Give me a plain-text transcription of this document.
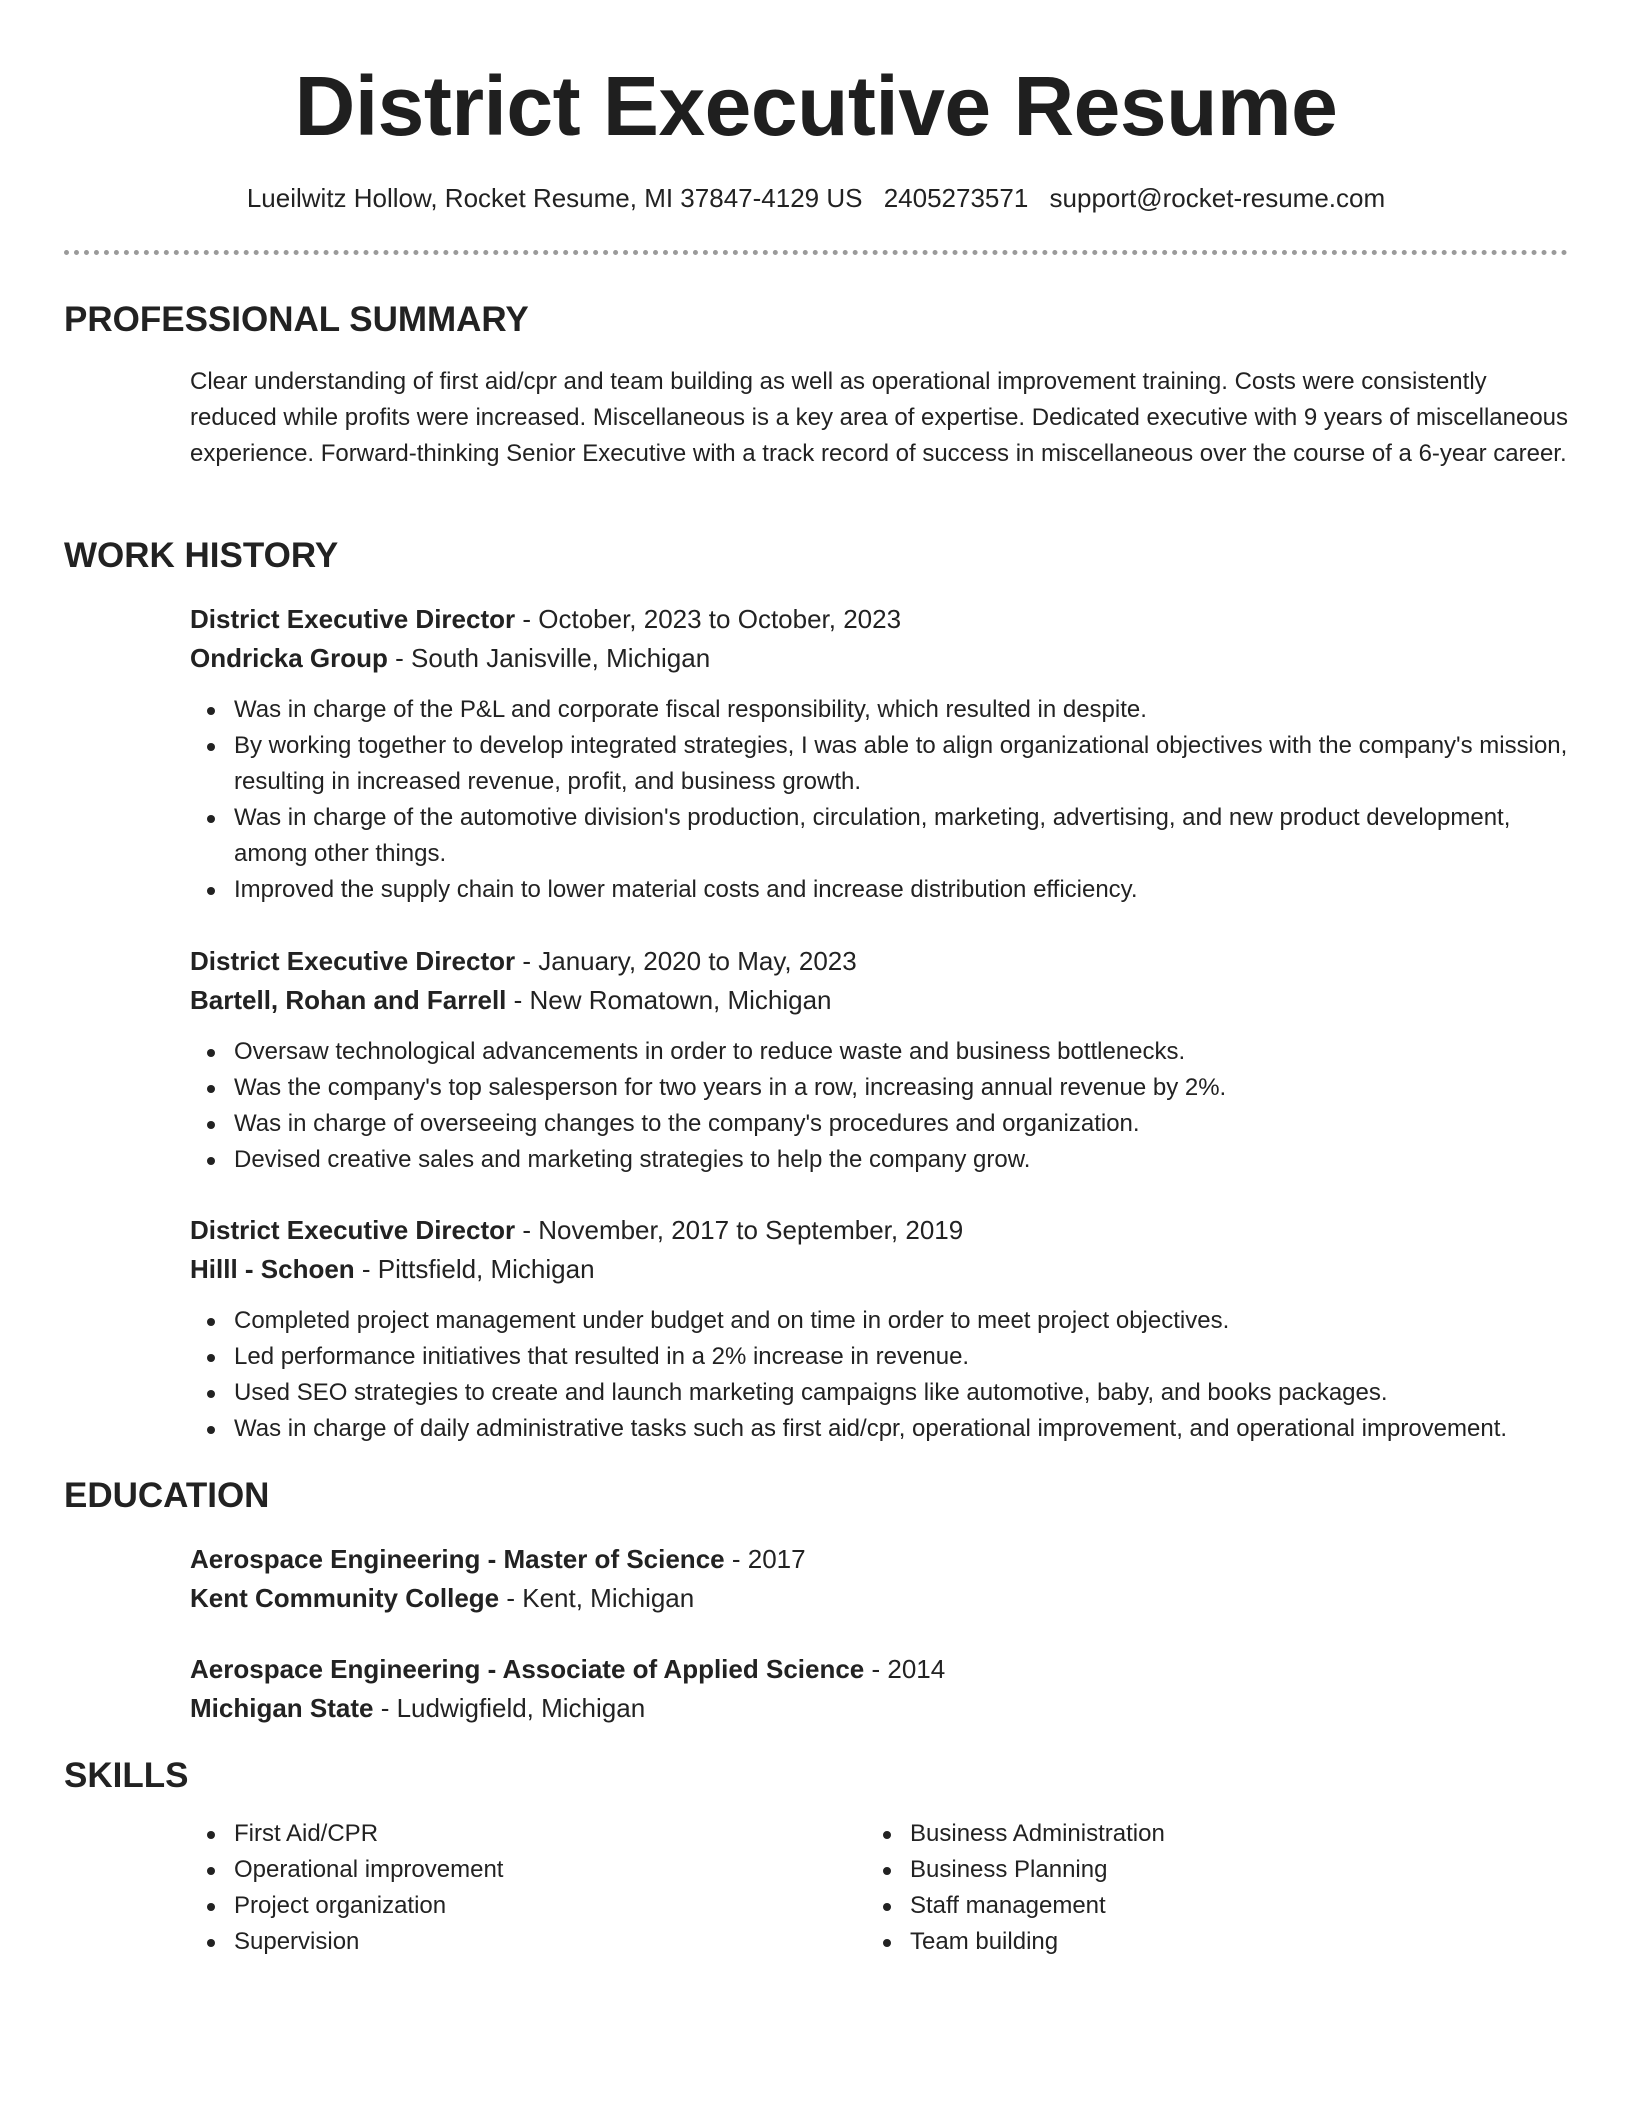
District Executive Resume
Lueilwitz Hollow, Rocket Resume, MI 37847-4129 US 2405273571 support@rocket-resume.com
PROFESSIONAL SUMMARY

Clear understanding of first aid/cpr and team building as well as operational improvement training. Costs were consistently reduced while profits were increased. Miscellaneous is a key area of expertise. Dedicated executive with 9 years of miscellaneous experience. Forward-thinking Senior Executive with a track record of success in miscellaneous over the course of a 6-year career.

WORK HISTORY
District Executive Director - October, 2023 to October, 2023
Ondricka Group - South Janisville, Michigan
Was in charge of the P&L and corporate fiscal responsibility, which resulted in despite.
By working together to develop integrated strategies, I was able to align organizational objectives with the company's mission, resulting in increased revenue, profit, and business growth.
Was in charge of the automotive division's production, circulation, marketing, advertising, and new product development, among other things.
Improved the supply chain to lower material costs and increase distribution efficiency.
District Executive Director - January, 2020 to May, 2023
Bartell, Rohan and Farrell - New Romatown, Michigan
Oversaw technological advancements in order to reduce waste and business bottlenecks.
Was the company's top salesperson for two years in a row, increasing annual revenue by 2%.
Was in charge of overseeing changes to the company's procedures and organization.
Devised creative sales and marketing strategies to help the company grow.
District Executive Director - November, 2017 to September, 2019
Hilll - Schoen - Pittsfield, Michigan
Completed project management under budget and on time in order to meet project objectives.
Led performance initiatives that resulted in a 2% increase in revenue.
Used SEO strategies to create and launch marketing campaigns like automotive, baby, and books packages.
Was in charge of daily administrative tasks such as first aid/cpr, operational improvement, and operational improvement.
EDUCATION
Aerospace Engineering - Master of Science - 2017
Kent Community College - Kent, Michigan
Aerospace Engineering - Associate of Applied Science - 2014
Michigan State - Ludwigfield, Michigan
SKILLS
First Aid/CPR
Operational improvement
Project organization
Supervision
Business Administration
Business Planning
Staff management
Team building
